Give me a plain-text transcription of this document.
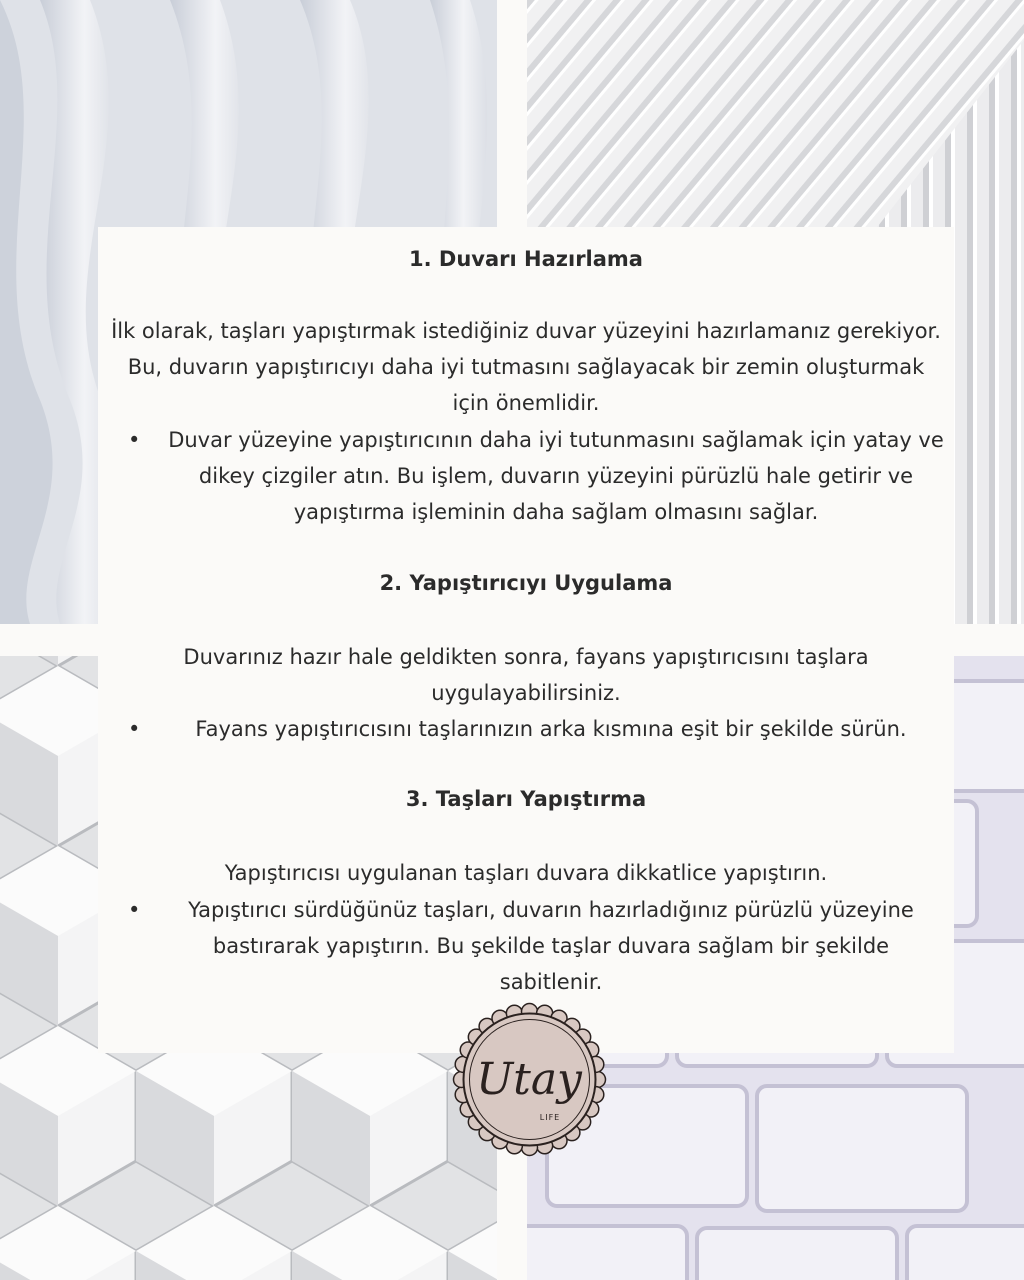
1. Duvarı Hazırlama

İlk olarak, taşları yapıştırmak istediğiniz duvar yüzeyini hazırlamanız gerekiyor.

Bu, duvarın yapıştırıcıyı daha iyi tutmasını sağlayacak bir zemin oluşturmak

için önemlidir.

•	Duvar yüzeyine yapıştırıcının daha iyi tutunmasını sağlamak için yatay ve
dikey çizgiler atın. Bu işlem, duvarın yüzeyini pürüzlü hale getirir ve
yapıştırma işleminin daha sağlam olmasını sağlar.
2. Yapıştırıcıyı Uygulama

Duvarınız hazır hale geldikten sonra, fayans yapıştırıcısını taşlara

uygulayabilirsiniz.

•	Fayans yapıştırıcısını taşlarınızın arka kısmına eşit bir şekilde sürün.
3. Taşları Yapıştırma

Yapıştırıcısı uygulanan taşları duvara dikkatlice yapıştırın.

•	Yapıştırıcı sürdüğünüz taşları, duvarın hazırladığınız pürüzlü yüzeyine
bastırarak yapıştırın. Bu şekilde taşlar duvara sağlam bir şekilde
sabitlenir.
Utay
LIFE
